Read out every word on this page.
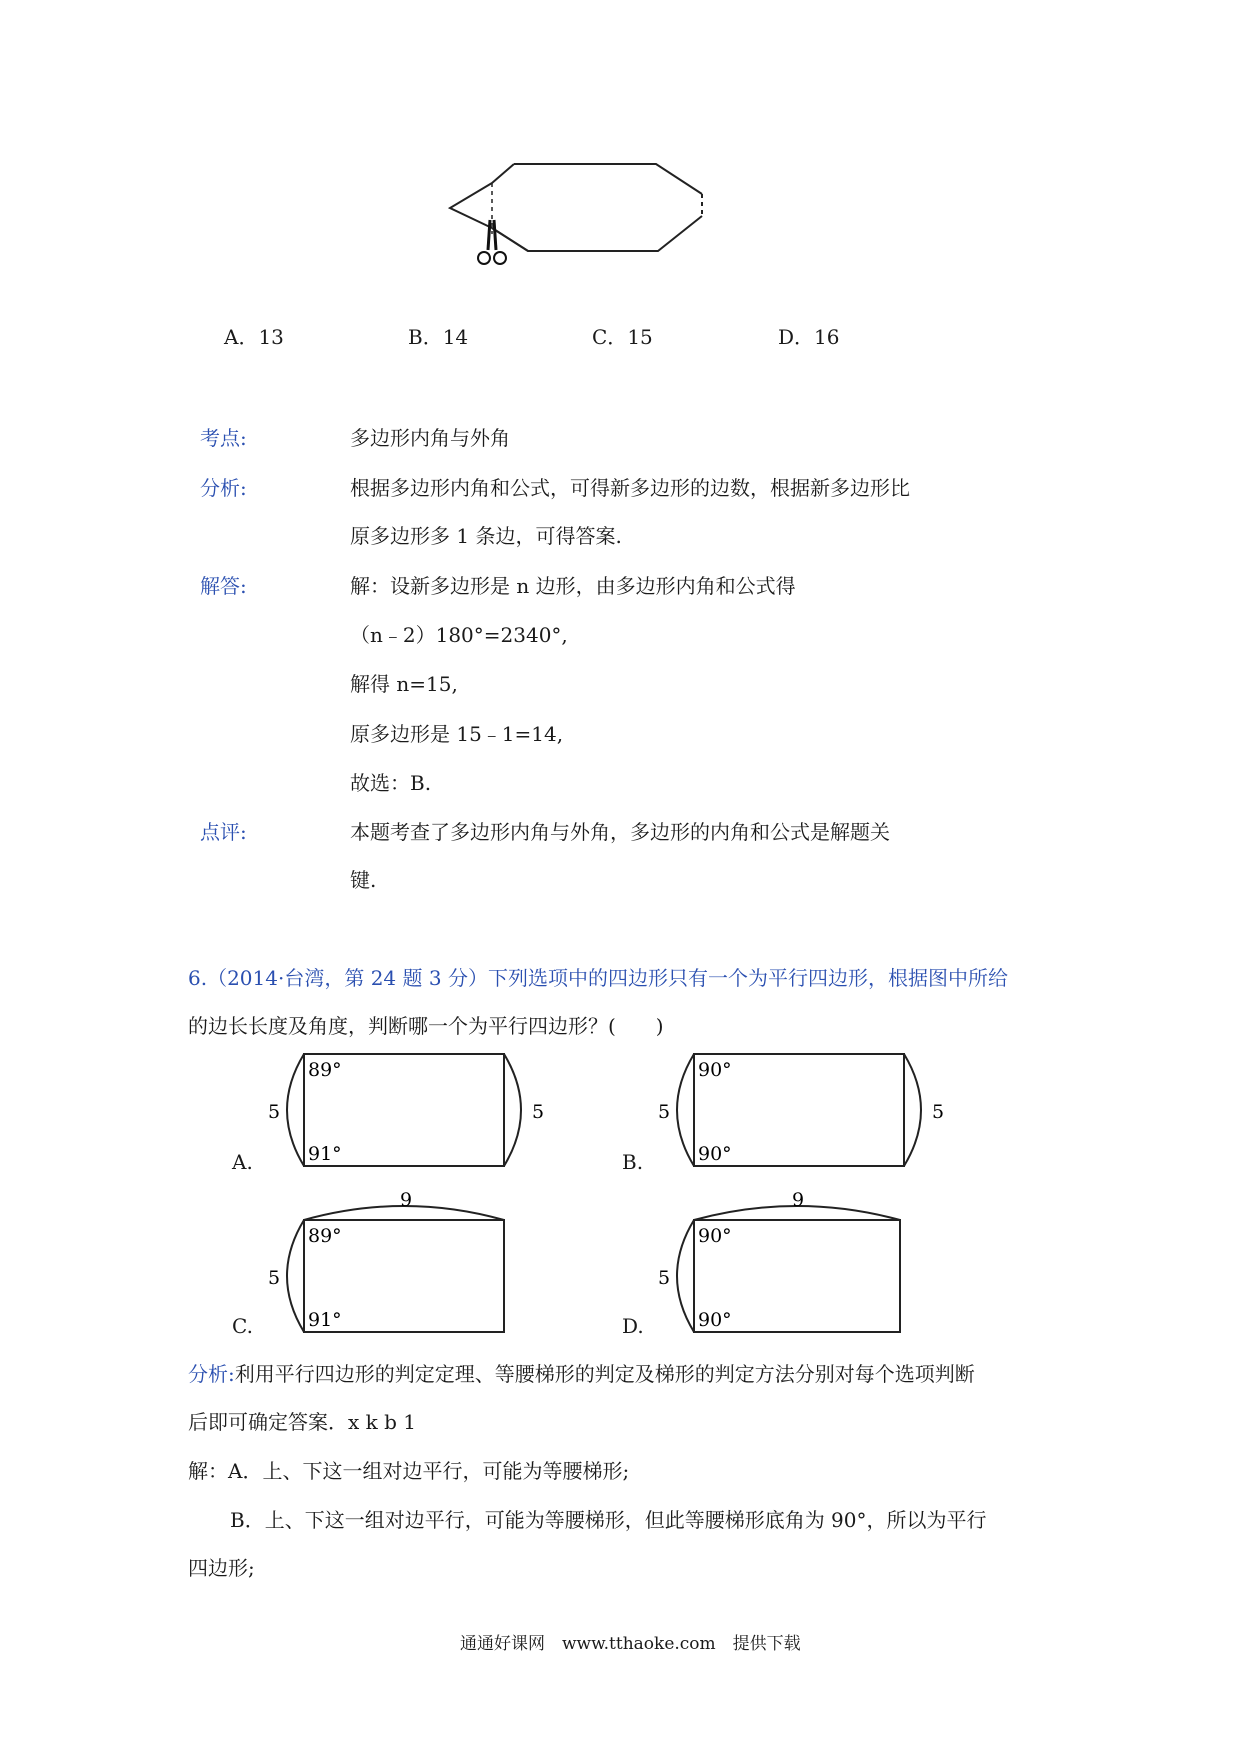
A．13	B．14	C．15	D．16
考点:	多边形内角与外角
分析:	根据多边形内角和公式，可得新多边形的边数，根据新多边形比
原多边形多 1 条边，可得答案.
解答:	解：设新多边形是 n 边形，由多边形内角和公式得
（n﹣2）180°=2340°,
解得 n=15,
原多边形是 15﹣1=14,
故选：B.
点评:	本题考查了多边形内角与外角，多边形的内角和公式是解题关
键.
6.（2014·台湾，第 24 题 3 分）下列选项中的四边形只有一个为平行四边形，根据图中所给
的边长长度及角度，判断哪一个为平行四边形？(　　)
89°
91°
5	5
A.
90°
90°
5	5
B.
9
89°
91°
5
C.
9
90°
90°
5
D.
分析:利用平行四边形的判定定理、等腰梯形的判定及梯形的判定方法分别对每个选项判断
后即可确定答案．x k b 1
解：A．上、下这一组对边平行，可能为等腰梯形;
B．上、下这一组对边平行，可能为等腰梯形，但此等腰梯形底角为 90°，所以为平行
四边形;
通通好课网　www.tthaoke.com　提供下载
